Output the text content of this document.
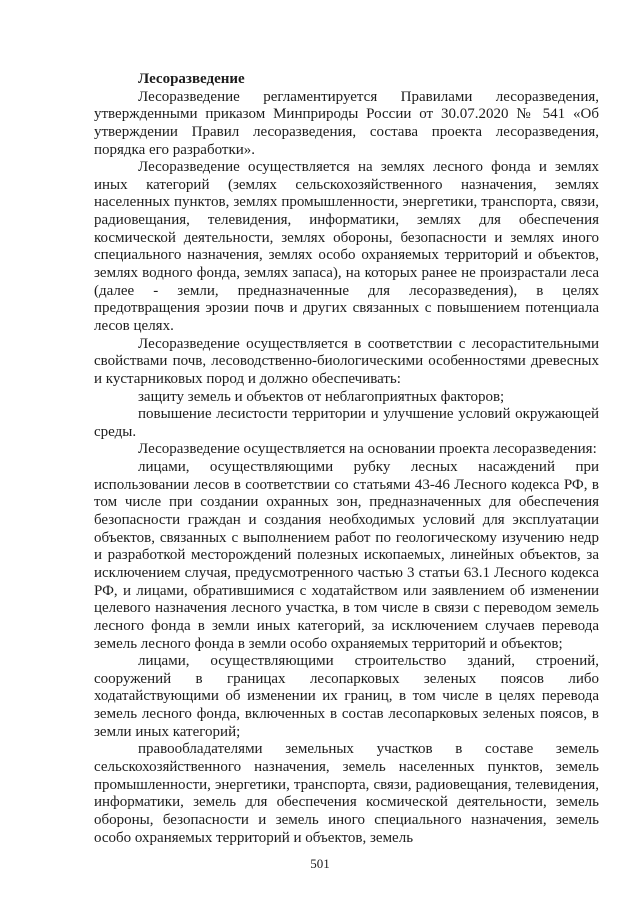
Лесоразведение

Лесоразведение регламентируется Правилами лесоразведения, утвержденными приказом Минприроды России от 30.07.2020 № 541 «Об утверждении Правил лесоразведения, состава проекта лесоразведения, порядка его разработки».

Лесоразведение осуществляется на землях лесного фонда и землях иных категорий (землях сельскохозяйственного назначения, землях населенных пунктов, землях промышленности, энергетики, транспорта, связи, радиовещания, телевидения, информатики, землях для обеспечения космической деятельности, землях обороны, безопасности и землях иного специального назначения, землях особо охраняемых территорий и объектов, землях водного фонда, землях запаса), на которых ранее не произрастали леса (далее - земли, предназначенные для лесоразведения), в целях предотвращения эрозии почв и других связанных с повышением потенциала лесов целях.

Лесоразведение осуществляется в соответствии с лесорастительными свойствами почв, лесоводственно-биологическими особенностями древесных и кустарниковых пород и должно обеспечивать:

защиту земель и объектов от неблагоприятных факторов;

повышение лесистости территории и улучшение условий окружающей среды.

Лесоразведение осуществляется на основании проекта лесоразведения:

лицами, осуществляющими рубку лесных насаждений при использовании лесов в соответствии со статьями 43-46 Лесного кодекса РФ, в том числе при создании охранных зон, предназначенных для обеспечения безопасности граждан и создания необходимых условий для эксплуатации объектов, связанных с выполнением работ по геологическому изучению недр и разработкой месторождений полезных ископаемых, линейных объектов, за исключением случая, предусмотренного частью 3 статьи 63.1 Лесного кодекса РФ, и лицами, обратившимися с ходатайством или заявлением об изменении целевого назначения лесного участка, в том числе в связи с переводом земель лесного фонда в земли иных категорий, за исключением случаев перевода земель лесного фонда в земли особо охраняемых территорий и объектов;

лицами, осуществляющими строительство зданий, строений, сооружений в границах лесопарковых зеленых поясов либо ходатайствующими об изменении их границ, в том числе в целях перевода земель лесного фонда, включенных в состав лесопарковых зеленых поясов, в земли иных категорий;

правообладателями земельных участков в составе земель сельскохозяйственного назначения, земель населенных пунктов, земель промышленности, энергетики, транспорта, связи, радиовещания, телевидения, информатики, земель для обеспечения космической деятельности, земель обороны, безопасности и земель иного специального назначения, земель особо охраняемых территорий и объектов, земель

501
